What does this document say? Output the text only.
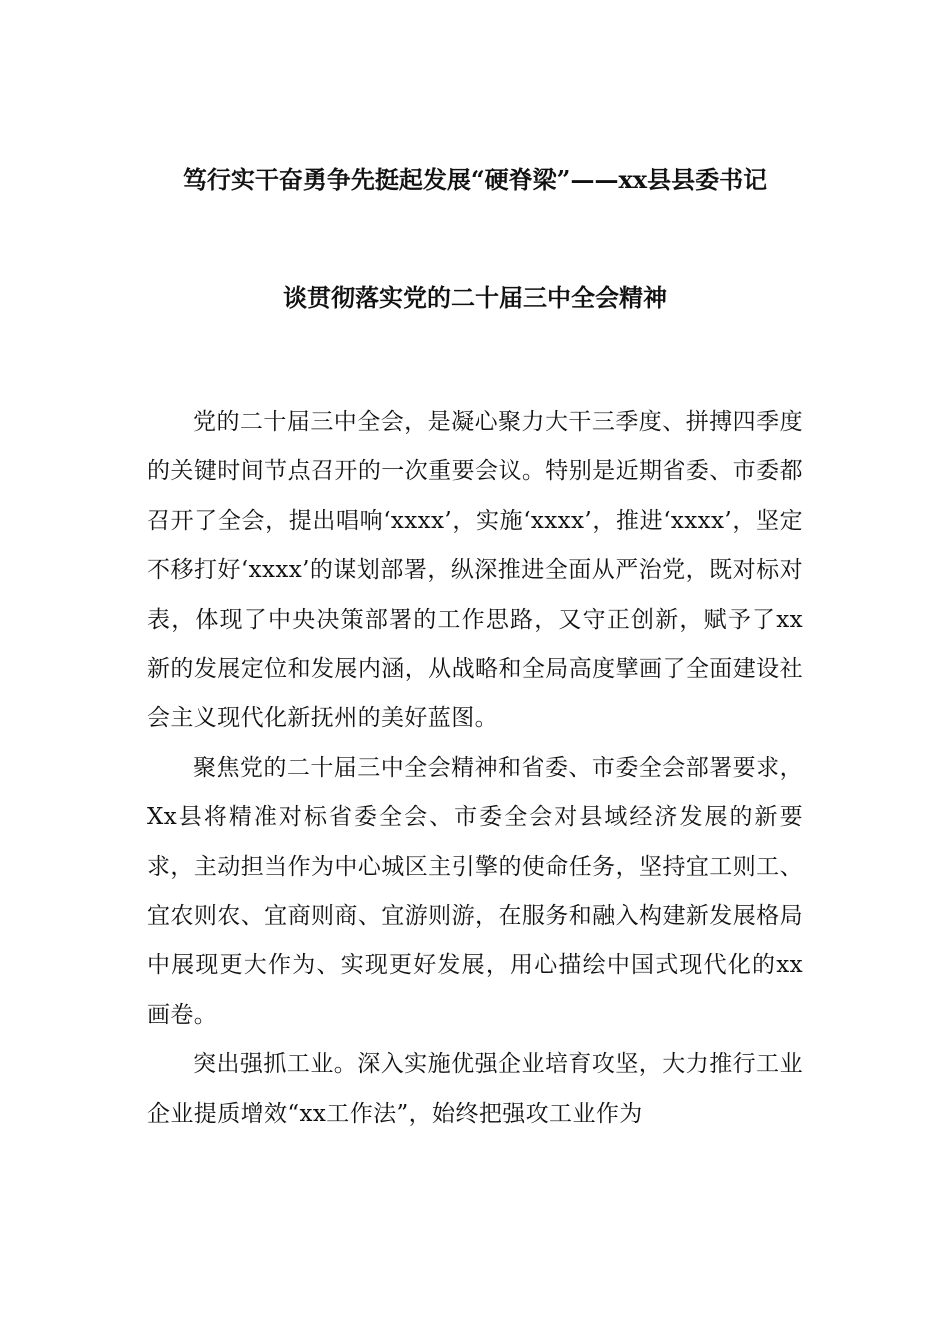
笃行实干奋勇争先挺起发展“硬脊梁”——xx县县委书记
谈贯彻落实党的二十届三中全会精神

党的二十届三中全会，是凝心聚力大干三季度、拼搏四季度的关键时间节点召开的一次重要会议。特别是近期省委、市委都召开了全会，提出唱响‘xxxx’，实施‘xxxx’，推进‘xxxx’，坚定不移打好‘xxxx’的谋划部署，纵深推进全面从严治党，既对标对表，体现了中央决策部署的工作思路，又守正创新，赋予了xx新的发展定位和发展内涵，从战略和全局高度擘画了全面建设社会主义现代化新抚州的美好蓝图。

聚焦党的二十届三中全会精神和省委、市委全会部署要求，Xx县将精准对标省委全会、市委全会对县域经济发展的新要求，主动担当作为中心城区主引擎的使命任务，坚持宜工则工、宜农则农、宜商则商、宜游则游，在服务和融入构建新发展格局中展现更大作为、实现更好发展，用心描绘中国式现代化的xx画卷。

突出强抓工业。深入实施优强企业培育攻坚，大力推行工业企业提质增效“xx工作法”，始终把强攻工业作为
